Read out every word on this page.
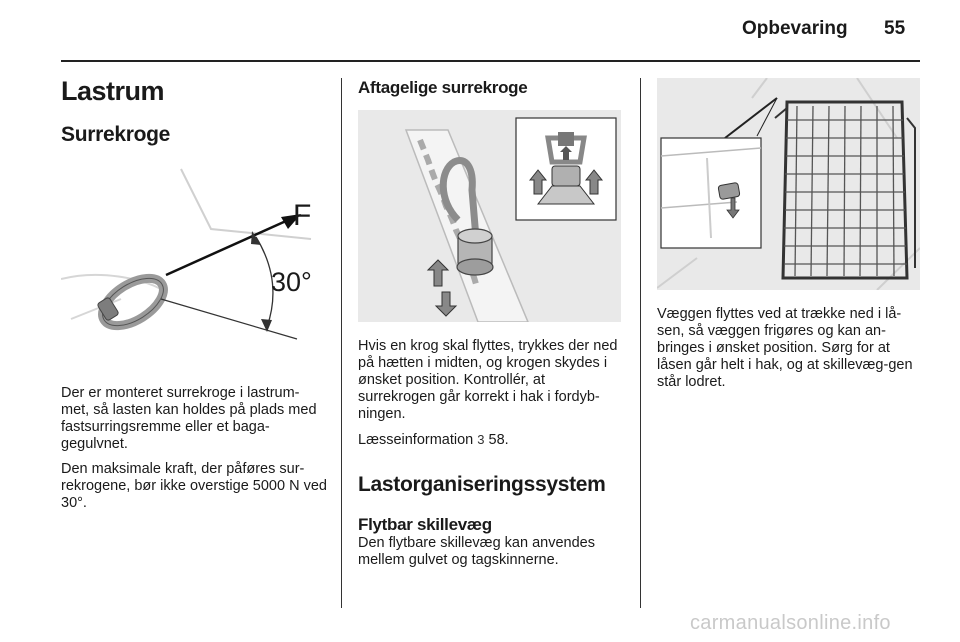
Opbevaring 55
Lastrum
Surrekroge
F
30°

Der er monteret surrekroge i lastrum-met, så lasten kan holdes på plads med fastsurringsremme eller et baga-gegulvnet.

Den maksimale kraft, der påføres sur-rekrogene, bør ikke overstige 5000 N ved 30°.

Aftagelige surrekroge

Hvis en krog skal flyttes, trykkes der ned på hætten i midten, og krogen skydes i ønsket position. Kontrollér, at surrekrogen går korrekt i hak i fordyb-ningen.

Læsseinformation 3 58.

Lastorganiseringssystem
Flytbar skillevæg

Den flytbare skillevæg kan anvendes mellem gulvet og tagskinnerne.

Væggen flyttes ved at trække ned i lå-sen, så væggen frigøres og kan an-bringes i ønsket position. Sørg for at låsen går helt i hak, og at skillevæg-gen står lodret.

carmanualsonline.info
